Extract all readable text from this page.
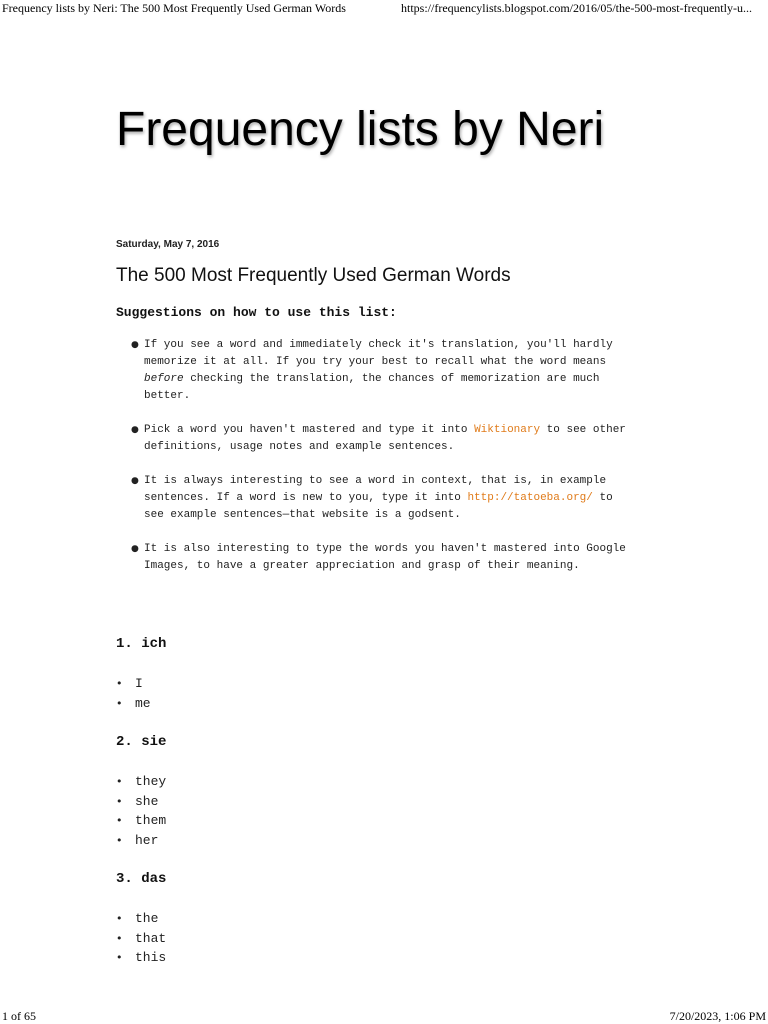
Frequency lists by Neri: The 500 Most Frequently Used German Words	https://frequencylists.blogspot.com/2016/05/the-500-most-frequently-u...
Frequency lists by Neri
Saturday, May 7, 2016
The 500 Most Frequently Used German Words
Suggestions on how to use this list:
● If you see a word and immediately check it's translation, you'll hardly memorize it at all. If you try your best to recall what the word means before checking the translation, the chances of memorization are much better.
● Pick a word you haven't mastered and type it into Wiktionary to see other definitions, usage notes and example sentences.
● It is always interesting to see a word in context, that is, in example sentences. If a word is new to you, type it into http://tatoeba.org/ to see example sentences—that website is a godsent.
● It is also interesting to type the words you haven't mastered into Google Images, to have a greater appreciation and grasp of their meaning.
1. ich
• I
• me
2. sie
• they
• she
• them
• her
3. das
• the
• that
• this
1 of 65	7/20/2023, 1:06 PM
